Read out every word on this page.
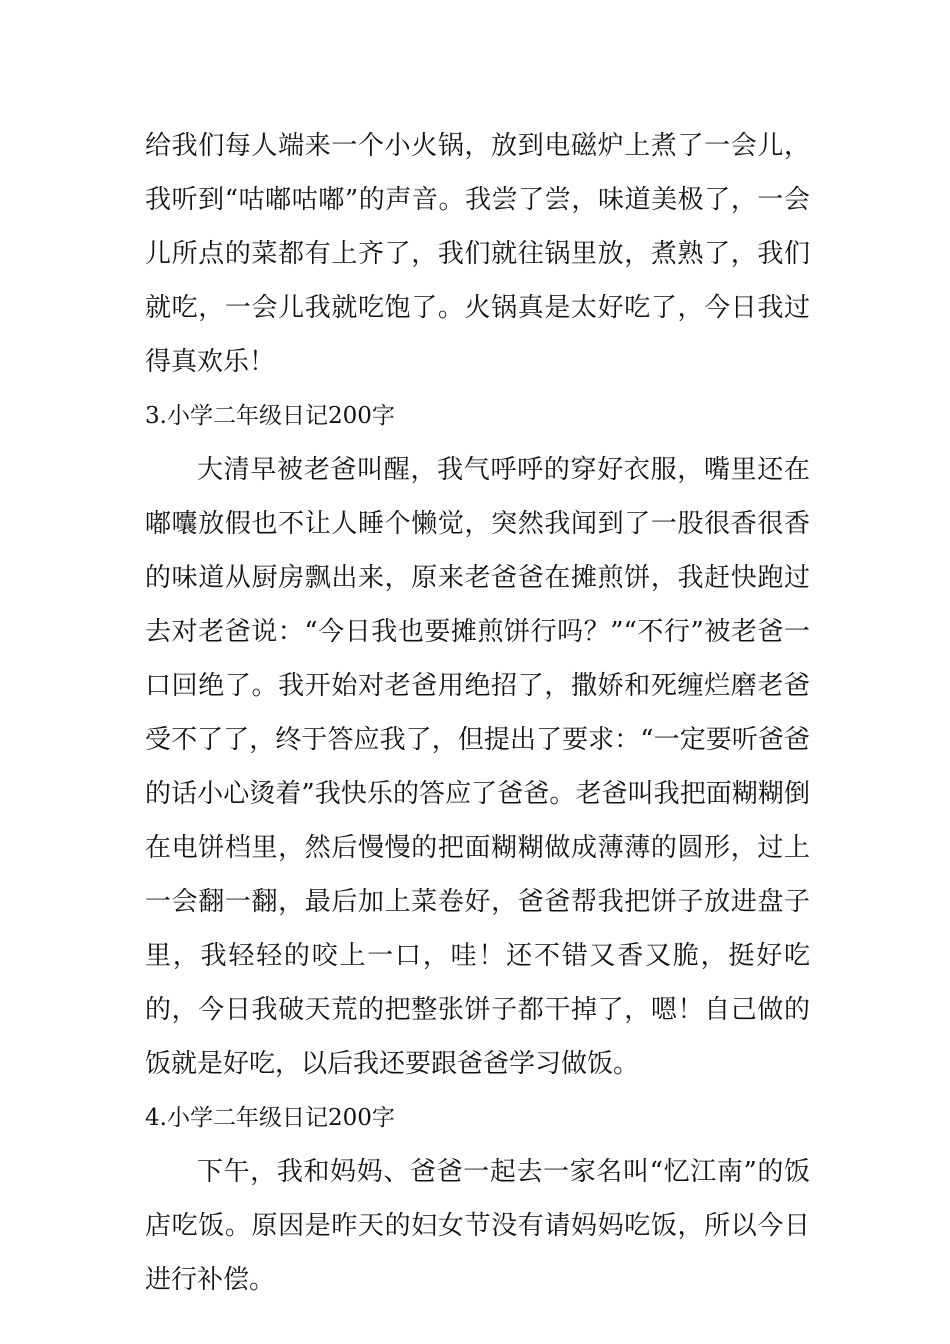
给我们每人端来一个小火锅，放到电磁炉上煮了一会儿，我听到“咕嘟咕嘟”的声音。我尝了尝，味道美极了，一会儿所点的菜都有上齐了，我们就往锅里放，煮熟了，我们就吃，一会儿我就吃饱了。火锅真是太好吃了，今日我过得真欢乐！

3.小学二年级日记200字

大清早被老爸叫醒，我气呼呼的穿好衣服，嘴里还在嘟囔放假也不让人睡个懒觉，突然我闻到了一股很香很香的味道从厨房飘出来，原来老爸爸在摊煎饼，我赶快跑过去对老爸说：“今日我也要摊煎饼行吗？”“不行”被老爸一口回绝了。我开始对老爸用绝招了，撒娇和死缠烂磨老爸受不了了，终于答应我了，但提出了要求：“一定要听爸爸的话小心烫着”我快乐的答应了爸爸。老爸叫我把面糊糊倒在电饼档里，然后慢慢的把面糊糊做成薄薄的圆形，过上一会翻一翻，最后加上菜卷好，爸爸帮我把饼子放进盘子里，我轻轻的咬上一口，哇！还不错又香又脆，挺好吃的，今日我破天荒的把整张饼子都干掉了，嗯！自己做的饭就是好吃，以后我还要跟爸爸学习做饭。

4.小学二年级日记200字

下午，我和妈妈、爸爸一起去一家名叫“忆江南”的饭店吃饭。原因是昨天的妇女节没有请妈妈吃饭，所以今日进行补偿。
